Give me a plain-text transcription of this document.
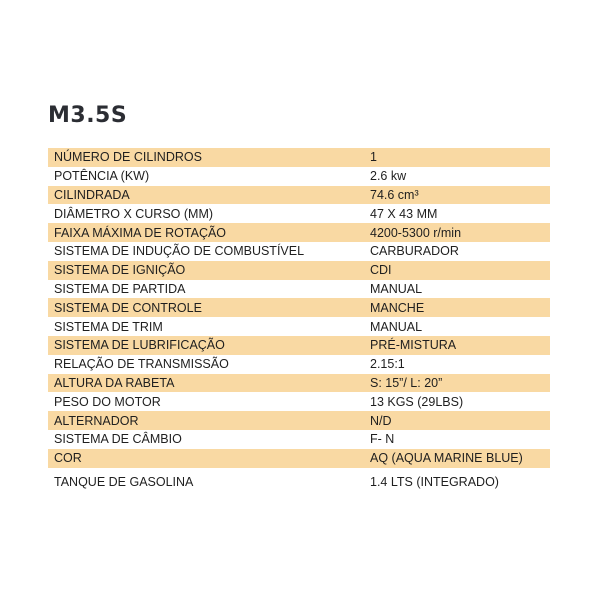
M3.5S
NÚMERO DE CILINDROS	1
POTÊNCIA (KW)	2.6 kw
CILINDRADA	74.6 cm³
DIÂMETRO X CURSO (MM)	47 X 43 MM
FAIXA MÁXIMA DE ROTAÇÃO	4200-5300 r/min
SISTEMA DE INDUÇÃO DE COMBUSTÍVEL	CARBURADOR
SISTEMA DE IGNIÇÃO	CDI
SISTEMA DE PARTIDA	MANUAL
SISTEMA DE CONTROLE	MANCHE
SISTEMA DE TRIM	MANUAL
SISTEMA DE LUBRIFICAÇÃO	PRÉ-MISTURA
RELAÇÃO DE TRANSMISSÃO	2.15:1
ALTURA DA RABETA	S: 15”/ L: 20”
PESO DO MOTOR	13 KGS (29LBS)
ALTERNADOR	N/D
SISTEMA DE CÂMBIO	F- N
COR	AQ (AQUA MARINE BLUE)
TANQUE DE GASOLINA	1.4 LTS (INTEGRADO)
